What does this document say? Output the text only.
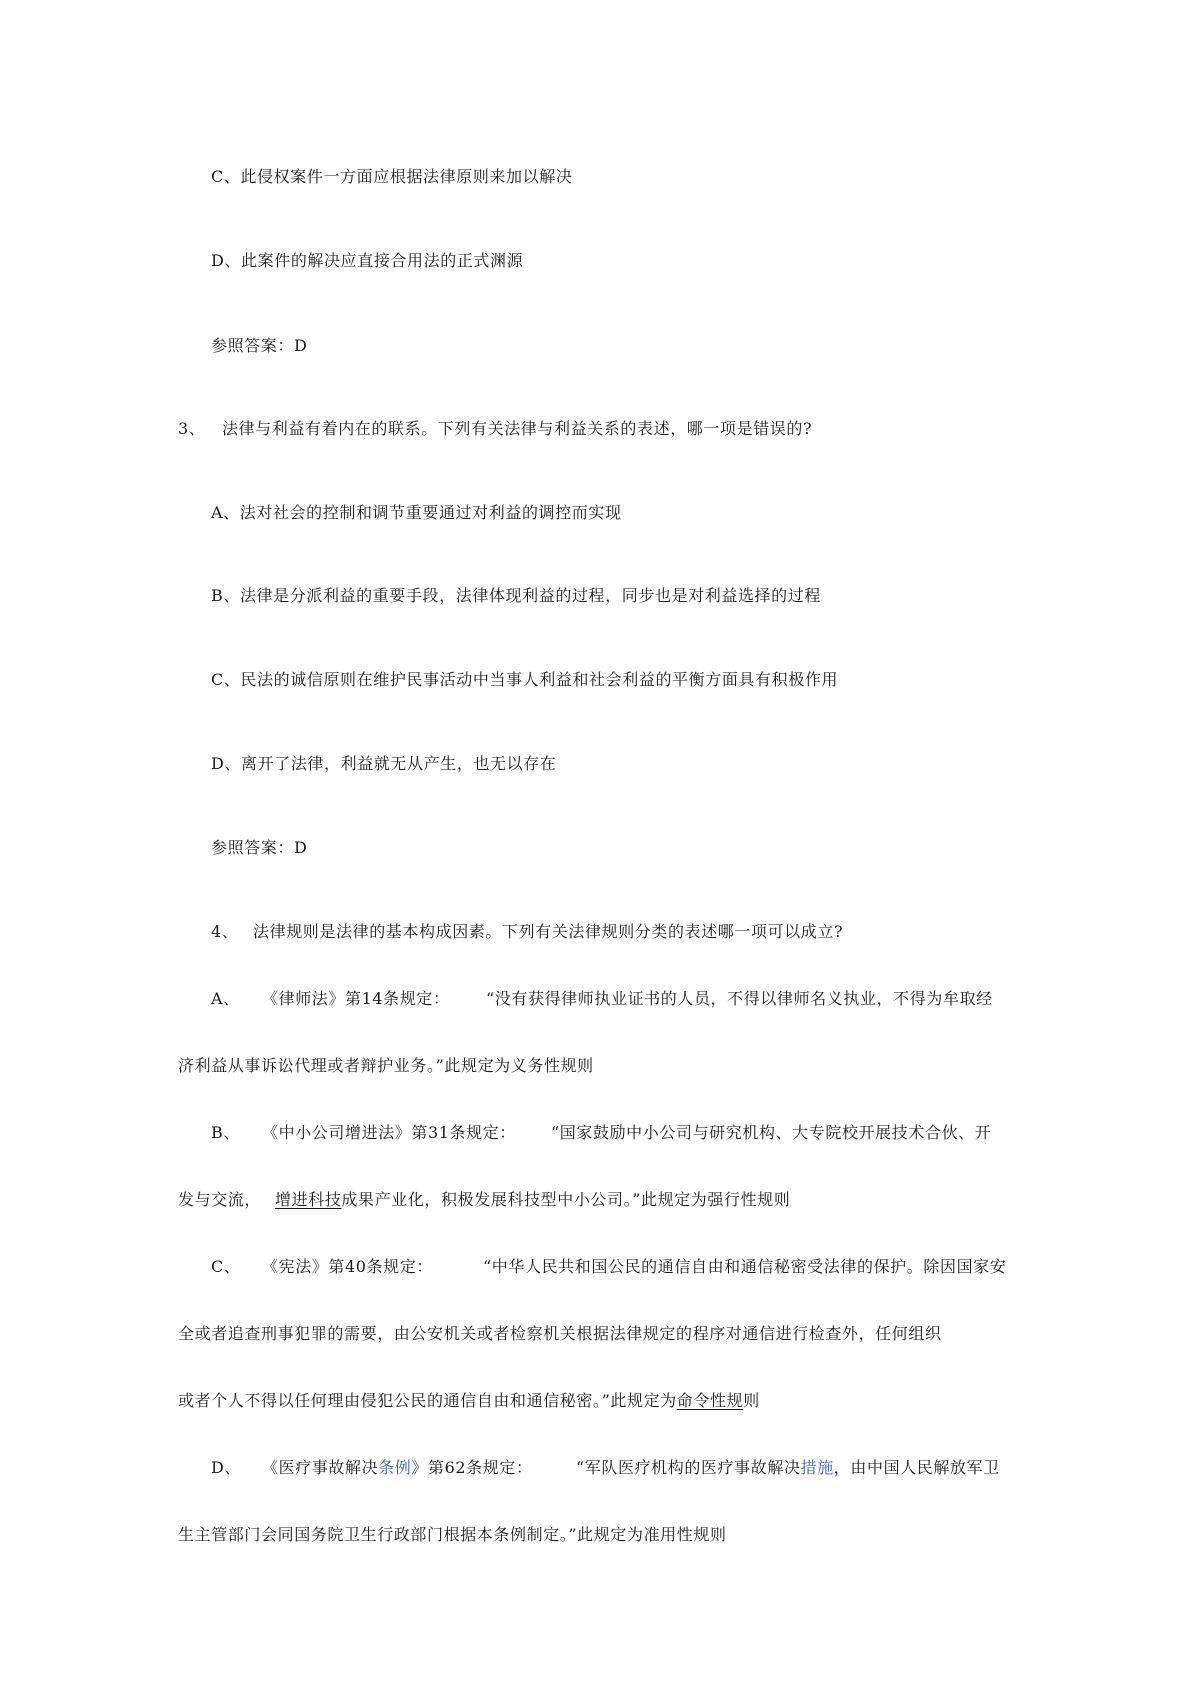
C、此侵权案件一方面应根据法律原则来加以解决
D、此案件的解决应直接合用法的正式渊源
参照答案：D
3、 法律与利益有着内在的联系。下列有关法律与利益关系的表述，哪一项是错误的?
A、法对社会的控制和调节重要通过对利益的调控而实现
B、法律是分派利益的重要手段，法律体现利益的过程，同步也是对利益选择的过程
C、民法的诚信原则在维护民事活动中当事人利益和社会利益的平衡方面具有积极作用
D、离开了法律，利益就无从产生，也无以存在
参照答案：D
4、 法律规则是法律的基本构成因素。下列有关法律规则分类的表述哪一项可以成立?
A、 《律师法》第14条规定： “没有获得律师执业证书的人员，不得以律师名义执业，不得为牟取经
济利益从事诉讼代理或者辩护业务。”此规定为义务性规则
B、 《中小公司增进法》第31条规定： “国家鼓励中小公司与研究机构、大专院校开展技术合伙、开
发与交流， 增进科技成果产业化，积极发展科技型中小公司。”此规定为强行性规则
C、 《宪法》第40条规定：	“中华人民共和国公民的通信自由和通信秘密受法律的保护。除因国家安
全或者追查刑事犯罪的需要，由公安机关或者检察机关根据法律规定的程序对通信进行检查外，任何组织
或者个人不得以任何理由侵犯公民的通信自由和通信秘密。”此规定为命令性规则
D、 《医疗事故解决条例》第62条规定：	“军队医疗机构的医疗事故解决措施，由中国人民解放军卫
生主管部门会同国务院卫生行政部门根据本条例制定。”此规定为准用性规则
